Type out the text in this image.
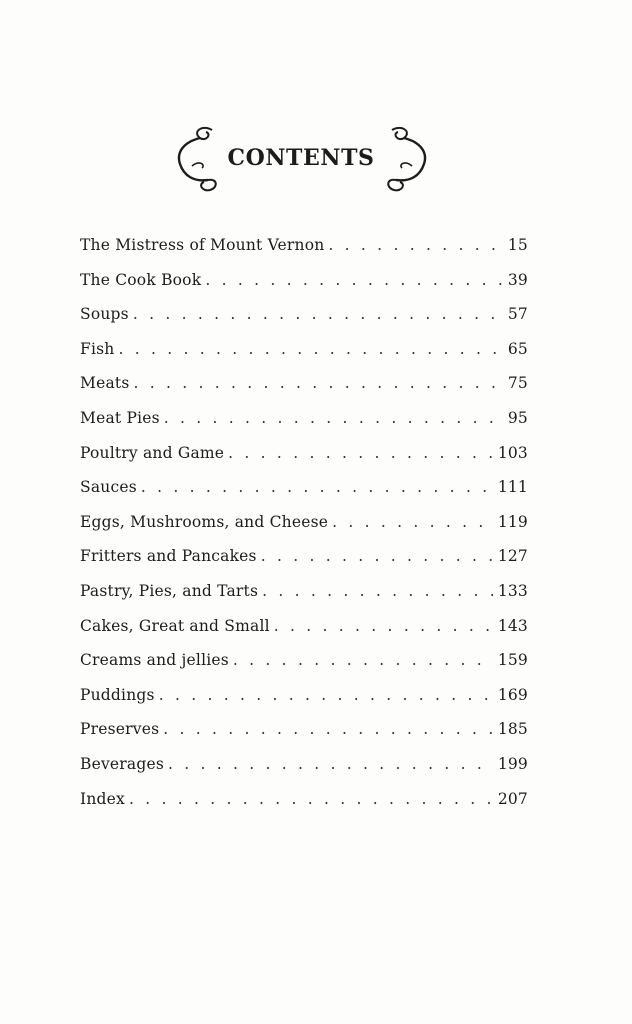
CONTENTS
The Mistress of Mount Vernon . . .	15
The Cook Book . . .	39
Soups . . .	57
Fish . . .	65
Meats . . .	75
Meat Pies . . .	95
Poultry and Game . . .	103
Sauces . . .	111
Eggs, Mushrooms, and Cheese . . .	119
Fritters and Pancakes . . .	127
Pastry, Pies, and Tarts . . .	133
Cakes, Great and Small . . .	143
Creams and jellies . . .	159
Puddings . . .	169
Preserves . . .	185
Beverages . . .	199
Index . . .	207
